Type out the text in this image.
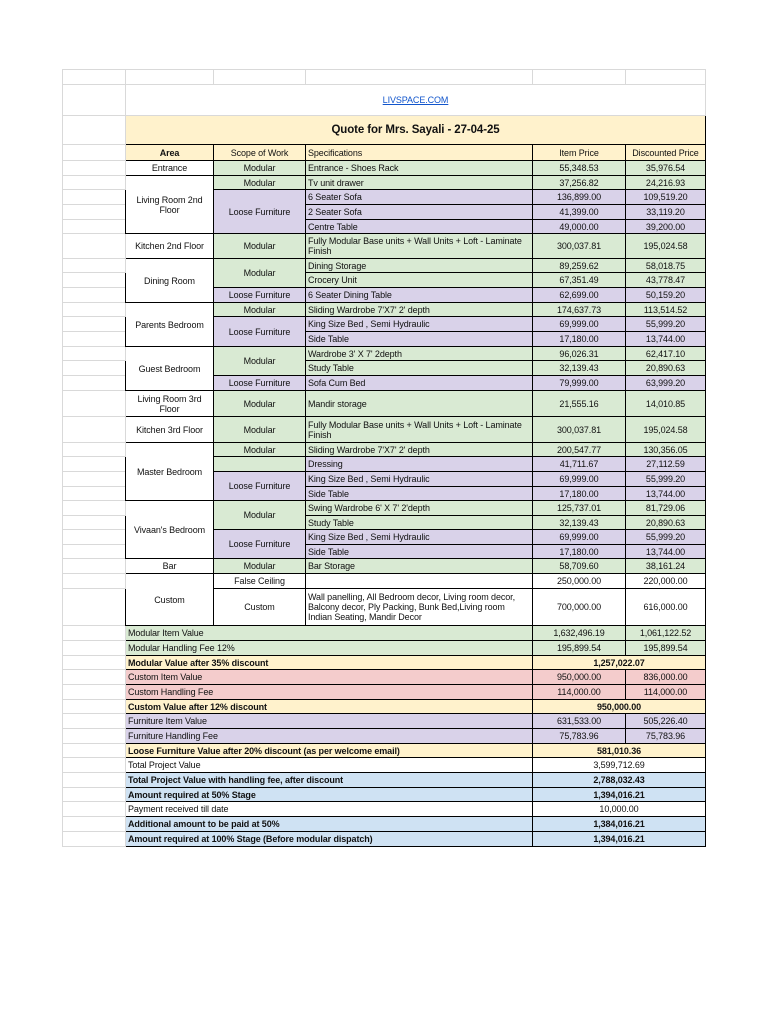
	LIVSPACE.COM				
	Quote for Mrs. Sayali - 27-04-25				
	Area	Scope of Work	Specifications	Item Price	Discounted Price
	Entrance	Modular	Entrance - Shoes Rack	55,348.53	35,976.54
	Living Room 2nd Floor	Modular	Tv unit drawer	37,256.82	24,216.93
		Loose Furniture	6 Seater Sofa	136,899.00	109,519.20
			2 Seater Sofa	41,399.00	33,119.20
			Centre Table	49,000.00	39,200.00
	Kitchen 2nd Floor	Modular	Fully Modular Base units + Wall Units + Loft - Laminate Finish	300,037.81	195,024.58
	Dining Room	Modular	Dining Storage	89,259.62	58,018.75
			Crocery Unit	67,351.49	43,778.47
		Loose Furniture	6 Seater Dining Table	62,699.00	50,159.20
	Parents Bedroom	Modular	Sliding Wardrobe 7'X7' 2' depth	174,637.73	113,514.52
		Loose Furniture	King Size Bed , Semi Hydraulic	69,999.00	55,999.20
			Side Table	17,180.00	13,744.00
	Guest Bedroom	Modular	Wardrobe 3' X 7' 2depth	96,026.31	62,417.10
			Study Table	32,139.43	20,890.63
		Loose Furniture	Sofa Cum Bed	79,999.00	63,999.20
	Living Room 3rd Floor	Modular	Mandir storage	21,555.16	14,010.85
	Kitchen 3rd Floor	Modular	Fully Modular Base units + Wall Units + Loft - Laminate Finish	300,037.81	195,024.58
	Master Bedroom	Modular	Sliding Wardrobe 7'X7' 2' depth	200,547.77	130,356.05
			Dressing	41,711.67	27,112.59
		Loose Furniture	King Size Bed , Semi Hydraulic	69,999.00	55,999.20
			Side Table	17,180.00	13,744.00
	Vivaan's Bedroom	Modular	Swing Wardrobe 6' X 7' 2'depth	125,737.01	81,729.06
			Study Table	32,139.43	20,890.63
		Loose Furniture	King Size Bed , Semi Hydraulic	69,999.00	55,999.20
			Side Table	17,180.00	13,744.00
	Bar	Modular	Bar Storage	58,709.60	38,161.24
	Custom	False Ceiling		250,000.00	220,000.00
		Custom	Wall panelling, All Bedroom decor, Living room decor, Balcony decor, Ply Packing, Bunk Bed,Living room Indian Seating, Mandir Decor	700,000.00	616,000.00
	Modular Item Value			1,632,496.19	1,061,122.52
	Modular Handling Fee 12%			195,899.54	195,899.54
	Modular Value after 35% discount			1,257,022.07	
	Custom Item Value			950,000.00	836,000.00
	Custom Handling Fee			114,000.00	114,000.00
	Custom Value after 12% discount			950,000.00	
	Furniture Item Value			631,533.00	505,226.40
	Furniture Handling Fee			75,783.96	75,783.96
	Loose Furniture Value after 20% discount (as per welcome email)			581,010.36	
	Total Project Value			3,599,712.69	
	Total Project Value with handling fee, after discount			2,788,032.43	
	Amount required at 50% Stage			1,394,016.21	
	Payment received till date			10,000.00	
	Additional amount to be paid at 50%			1,384,016.21	
	Amount required at 100% Stage (Before modular dispatch)			1,394,016.21	
